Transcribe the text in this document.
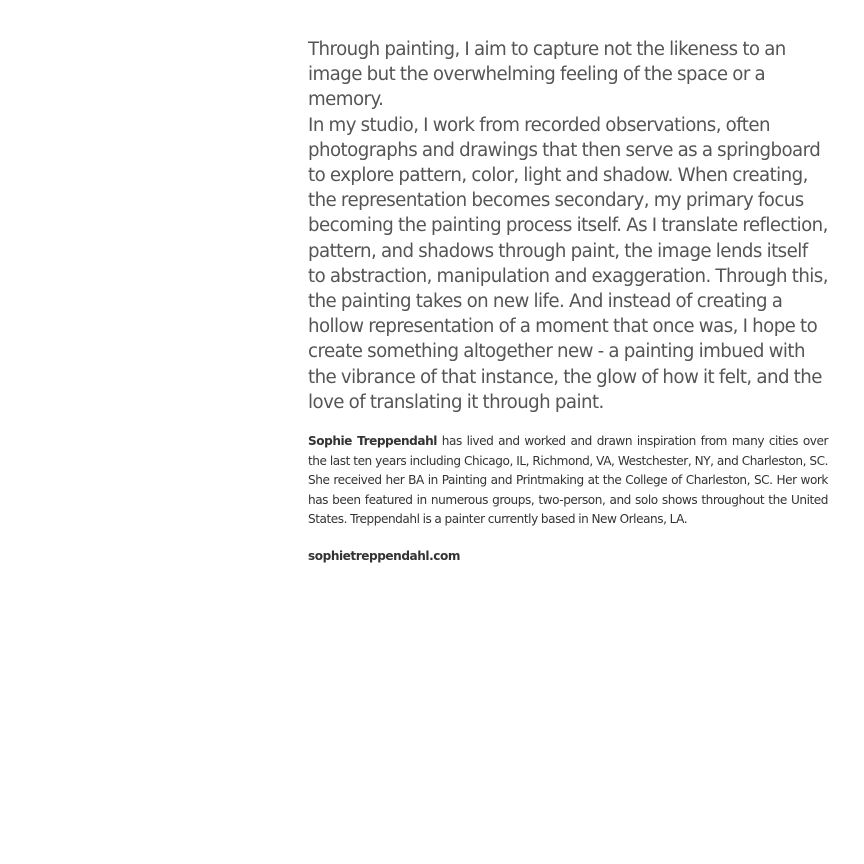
Through painting, I aim to capture not the likeness to an image but the overwhelming feeling of the space or a memory.

In my studio, I work from recorded observations, often photographs and drawings that then serve as a springboard to explore pattern, color, light and shadow. When creating, the representation becomes secondary, my primary focus becoming the painting process itself. As I translate reflection, pattern, and shadows through paint, the image lends itself to abstraction, manipulation and exaggeration. Through this, the painting takes on new life. And instead of creating a hollow representation of a moment that once was, I hope to create something altogether new - a painting imbued with the vibrance of that instance, the glow of how it felt, and the love of translating it through paint.

Sophie Treppendahl has lived and worked and drawn inspiration from many cities over the last ten years including Chicago, IL, Richmond, VA, Westchester, NY, and Charleston, SC. She received her BA in Painting and Printmaking at the College of Charleston, SC. Her work has been featured in numerous groups, two-person, and solo shows throughout the United States. Treppendahl is a painter currently based in New Orleans, LA.

sophietreppendahl.com
